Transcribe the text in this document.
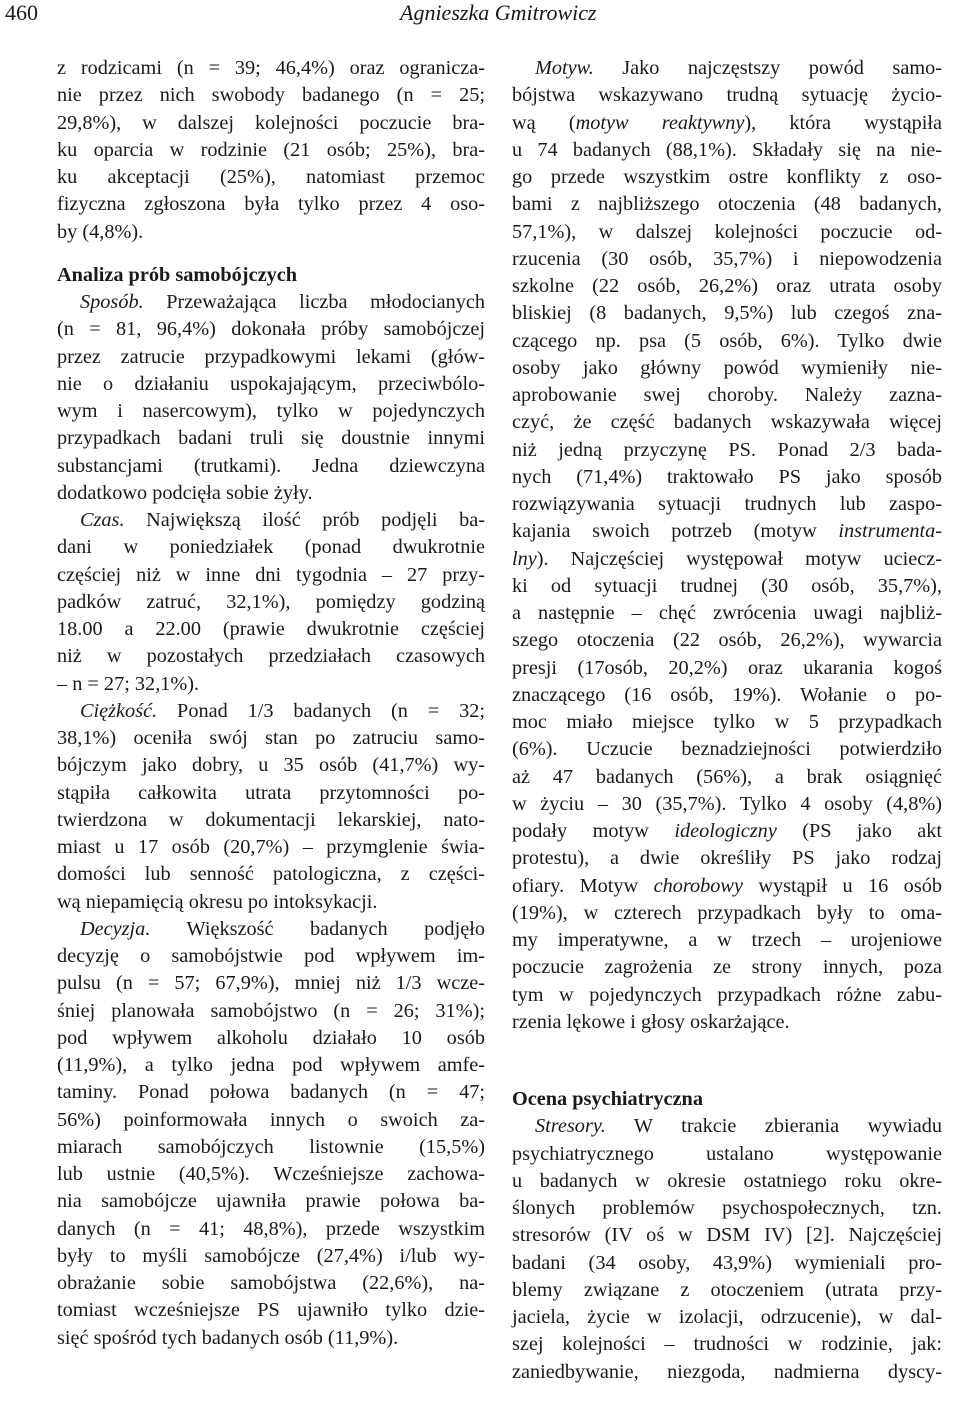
460	Agnieszka Gmitrowicz
z rodzicami (n = 39; 46,4%) oraz ogranicza-
nie przez nich swobody badanego (n = 25;
29,8%), w dalszej kolejności poczucie bra-
ku oparcia w rodzinie (21 osób; 25%), bra-
ku akceptacji (25%), natomiast przemoc
fizyczna zgłoszona była tylko przez 4 oso-
by (4,8%).
Analiza prób samobójczych
Sposób. Przeważająca liczba młodocianych
(n = 81, 96,4%) dokonała próby samobójczej
przez zatrucie przypadkowymi lekami (głów-
nie o działaniu uspokajającym, przeciwbólo-
wym i nasercowym), tylko w pojedynczych
przypadkach badani truli się doustnie innymi
substancjami (trutkami). Jedna dziewczyna
dodatkowo podcięła sobie żyły.
Czas. Największą ilość prób podjęli ba-
dani w poniedziałek (ponad dwukrotnie
częściej niż w inne dni tygodnia – 27 przy-
padków zatruć, 32,1%), pomiędzy godziną
18.00 a 22.00 (prawie dwukrotnie częściej
niż w pozostałych przedziałach czasowych
– n = 27; 32,1%).
Ciężkość. Ponad 1/3 badanych (n = 32;
38,1%) oceniła swój stan po zatruciu samo-
bójczym jako dobry, u 35 osób (41,7%) wy-
stąpiła całkowita utrata przytomności po-
twierdzona w dokumentacji lekarskiej, nato-
miast u 17 osób (20,7%) – przymglenie świa-
domości lub senność patologiczna, z części-
wą niepamięcią okresu po intoksykacji.
Decyzja. Większość badanych podjęło
decyzję o samobójstwie pod wpływem im-
pulsu (n = 57; 67,9%), mniej niż 1/3 wcze-
śniej planowała samobójstwo (n = 26; 31%);
pod wpływem alkoholu działało 10 osób
(11,9%), a tylko jedna pod wpływem amfe-
taminy. Ponad połowa badanych (n = 47;
56%) poinformowała innych o swoich za-
miarach samobójczych listownie (15,5%)
lub ustnie (40,5%). Wcześniejsze zachowa-
nia samobójcze ujawniła prawie połowa ba-
danych (n = 41; 48,8%), przede wszystkim
były to myśli samobójcze (27,4%) i/lub wy-
obrażanie sobie samobójstwa (22,6%), na-
tomiast wcześniejsze PS ujawniło tylko dzie-
sięć spośród tych badanych osób (11,9%).
Motyw. Jako najczęstszy powód samo-
bójstwa wskazywano trudną sytuację życio-
wą (motyw reaktywny), która wystąpiła
u 74 badanych (88,1%). Składały się na nie-
go przede wszystkim ostre konflikty z oso-
bami z najbliższego otoczenia (48 badanych,
57,1%), w dalszej kolejności poczucie od-
rzucenia (30 osób, 35,7%) i niepowodzenia
szkolne (22 osób, 26,2%) oraz utrata osoby
bliskiej (8 badanych, 9,5%) lub czegoś zna-
czącego np. psa (5 osób, 6%). Tylko dwie
osoby jako główny powód wymieniły nie-
aprobowanie swej choroby. Należy zazna-
czyć, że część badanych wskazywała więcej
niż jedną przyczynę PS. Ponad 2/3 bada-
nych (71,4%) traktowało PS jako sposób
rozwiązywania sytuacji trudnych lub zaspo-
kajania swoich potrzeb (motyw instrumenta-
lny). Najczęściej występował motyw uciecz-
ki od sytuacji trudnej (30 osób, 35,7%),
a następnie – chęć zwrócenia uwagi najbliż-
szego otoczenia (22 osób, 26,2%), wywarcia
presji (17osób, 20,2%) oraz ukarania kogoś
znaczącego (16 osób, 19%). Wołanie o po-
moc miało miejsce tylko w 5 przypadkach
(6%). Uczucie beznadziejności potwierdziło
aż 47 badanych (56%), a brak osiągnięć
w życiu – 30 (35,7%). Tylko 4 osoby (4,8%)
podały motyw ideologiczny (PS jako akt
protestu), a dwie określiły PS jako rodzaj
ofiary. Motyw chorobowy wystąpił u 16 osób
(19%), w czterech przypadkach były to oma-
my imperatywne, a w trzech – urojeniowe
poczucie zagrożenia ze strony innych, poza
tym w pojedynczych przypadkach różne zabu-
rzenia lękowe i głosy oskarżające.
Ocena psychiatryczna
Stresory. W trakcie zbierania wywiadu
psychiatrycznego ustalano występowanie
u badanych w okresie ostatniego roku okre-
ślonych problemów psychospołecznych, tzn.
stresorów (IV oś w DSM IV) [2]. Najczęściej
badani (34 osoby, 43,9%) wymieniali pro-
blemy związane z otoczeniem (utrata przy-
jaciela, życie w izolacji, odrzucenie), w dal-
szej kolejności – trudności w rodzinie, jak:
zaniedbywanie, niezgoda, nadmierna dyscy-
